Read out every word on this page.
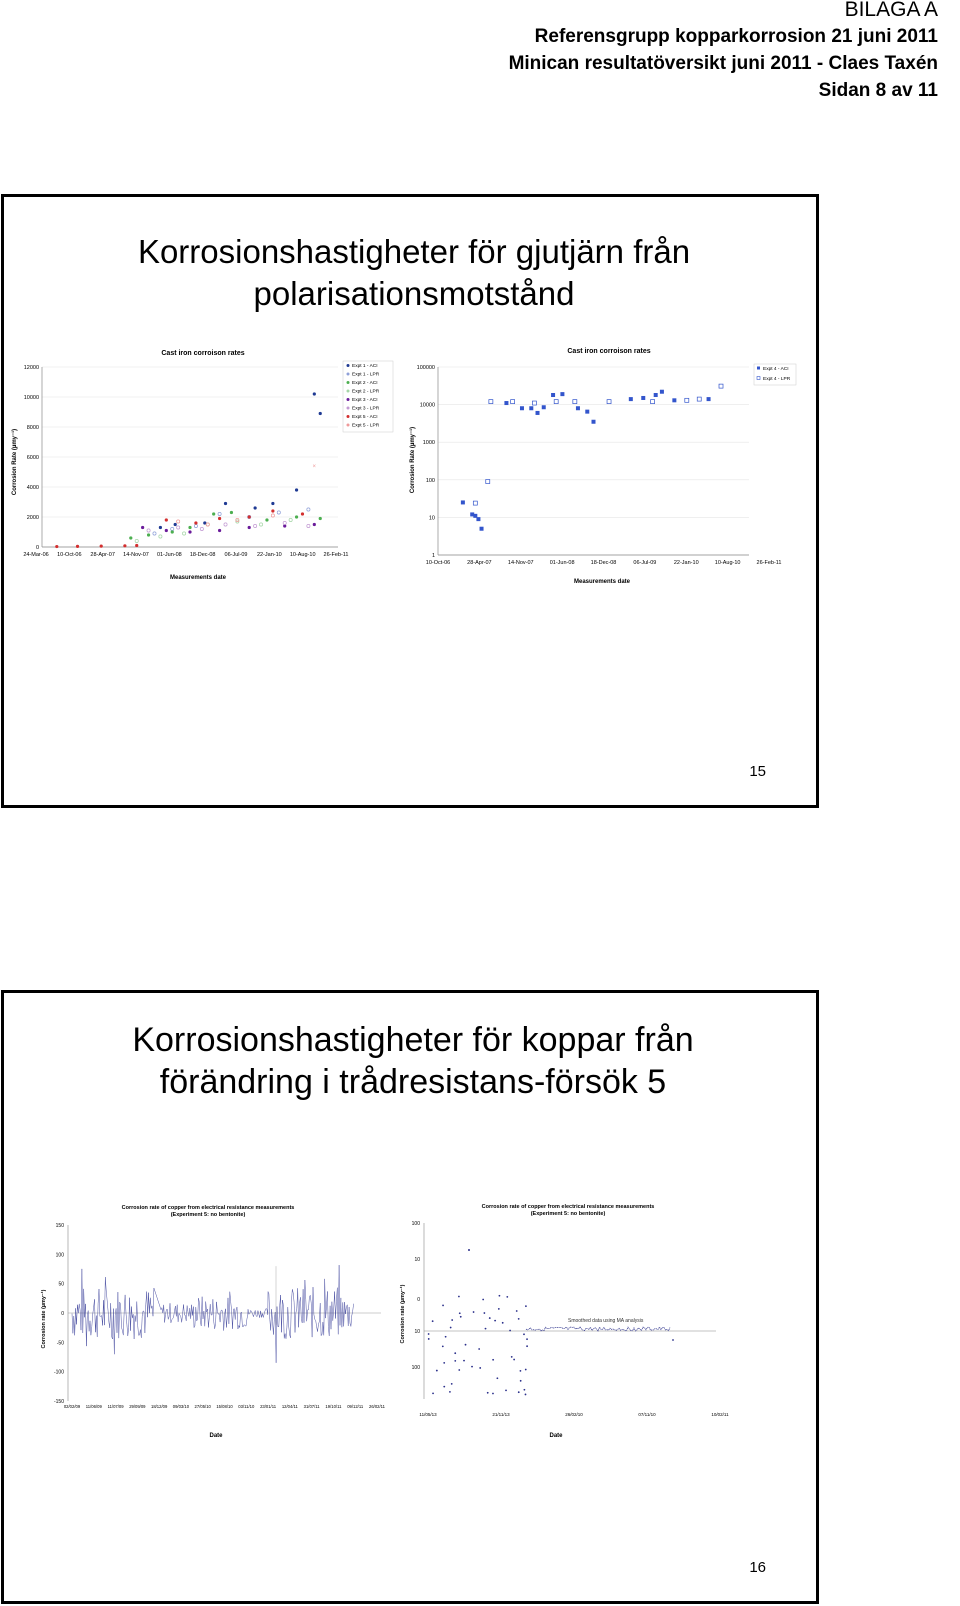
BILAGA A
Referensgrupp kopparkorrosion 21 juni 2011
Minican resultatöversikt juni 2011 - Claes Taxén
Sidan 8 av 11
Korrosionshastigheter för gjutjärn från
polarisationsmotstånd
Cast iron corroison rates
Measurements date
Corrosion Rate (µmy⁻¹)
0
2000
4000
6000
8000
10000
12000
24-Mar-06 10-Oct-06 28-Apr-07 14-Nov-07 01-Jun-08 18-Dec-08 06-Jul-09 22-Jan-10 10-Aug-10 26-Feb-11
×
Expt 1 - ACI
Expt 1 - LPR
Expt 2 - ACI
Expt 2 - LPR
Expt 3 - ACI
Expt 3 - LPR
Expt 5 - ACI
Expt 5 - LPR
Cast iron corroison rates
Measurements date
Corrosion Rate (µmy⁻¹)
1
10
100
1000
10000
100000
10-Oct-06	28-Apr-07	14-Nov-07	01-Jun-08	18-Dec-08	06-Jul-09	22-Jan-10	10-Aug-10	26-Feb-11
Expt 4 - ACI
Expt 4 - LPR
15
Korrosionshastigheter för koppar från
förändring i trådresistans-försök 5
Corrosion rate of copper from electrical resistance measurements
(Experiment 5: no bentonite)
Date
Corrosion rate (µmy⁻¹)
150
100
50
0
-50
-100
-150
02/02/09 11/06/09 11/07/09 29/09/09 18/12/09 09/03/10 27/05/10 15/08/10 03/11/10 23/01/11 12/04/11 31/07/11 19/10/11 09/12/11 26/02/11
Corrosion rate of copper from electrical resistance measurements
(Experiment 5: no bentonite)
Date
Corrosion rate (µmy⁻¹)	Smoothed data using MA analysis
100
10
0
10
100
11/05/13	21/11/13	26/02/10	07/11/10	10/02/11
16
